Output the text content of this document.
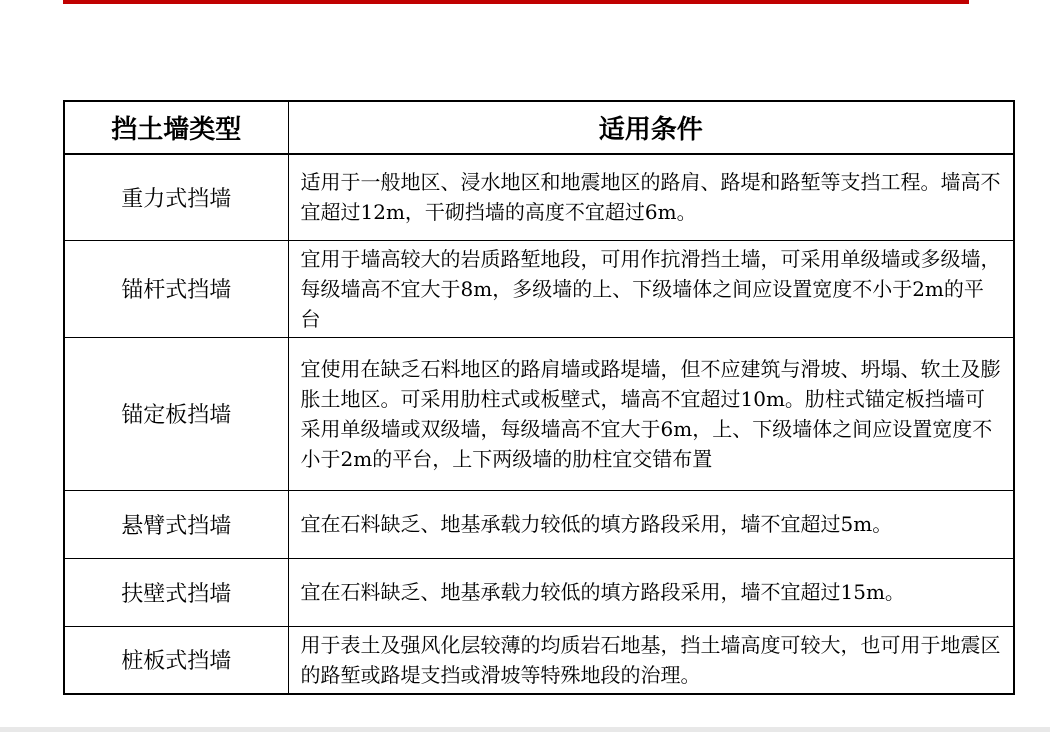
挡土墙类型	适用条件
重力式挡墙	适用于一般地区、浸水地区和地震地区的路肩、路堤和路堑等支挡工程。墙高不宜超过12m，干砌挡墙的高度不宜超过6m。

锚杆式挡墙	宜用于墙高较大的岩质路堑地段，可用作抗滑挡土墙，可采用单级墙或多级墙，每级墙高不宜大于8m，多级墙的上、下级墙体之间应设置宽度不小于2m的平台

锚定板挡墙	宜使用在缺乏石料地区的路肩墙或路堤墙，但不应建筑与滑坡、坍塌、软土及膨胀土地区。可采用肋柱式或板壁式，墙高不宜超过10m。肋柱式锚定板挡墙可采用单级墙或双级墙，每级墙高不宜大于6m，上、下级墙体之间应设置宽度不小于2m的平台，上下两级墙的肋柱宜交错布置

悬臂式挡墙	宜在石料缺乏、地基承载力较低的填方路段采用，墙不宜超过5m。

扶壁式挡墙	宜在石料缺乏、地基承载力较低的填方路段采用，墙不宜超过15m。

桩板式挡墙	用于表土及强风化层较薄的均质岩石地基，挡土墙高度可较大，也可用于地震区的路堑或路堤支挡或滑坡等特殊地段的治理。
